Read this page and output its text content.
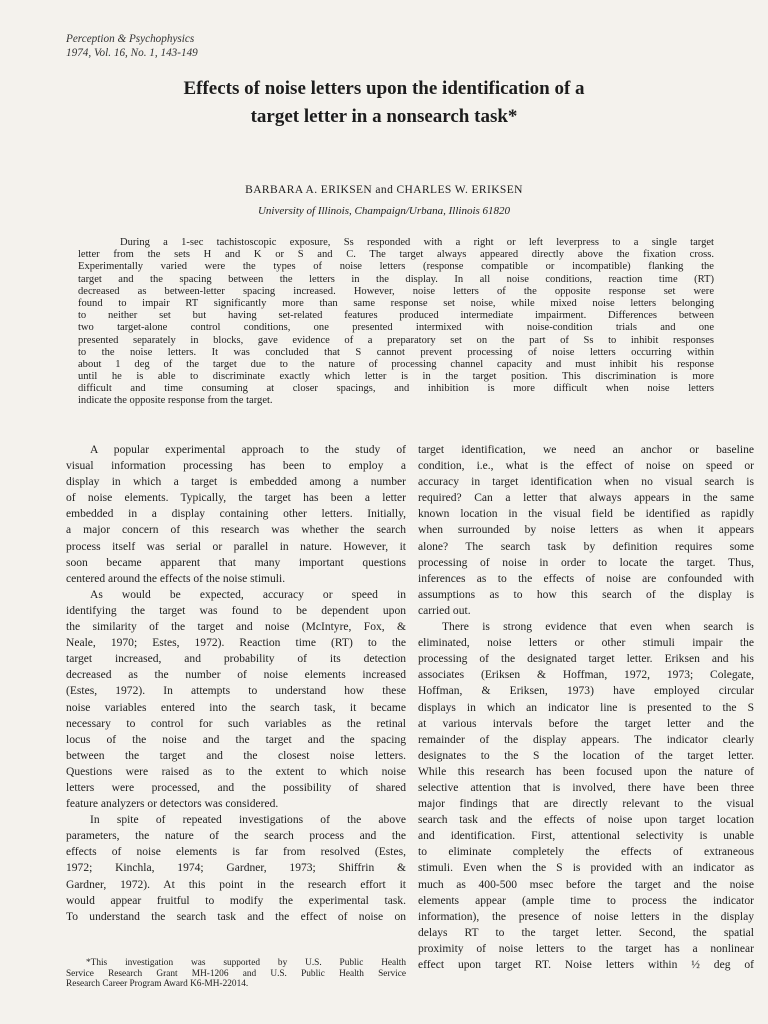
Perception & Psychophysics
1974, Vol. 16, No. 1, 143-149
Effects of noise letters upon the identification of a
target letter in a nonsearch task*
BARBARA A. ERIKSEN and CHARLES W. ERIKSEN
University of Illinois, Champaign/Urbana, Illinois 61820
During a 1-sec tachistoscopic exposure, Ss responded with a right or left leverpress to a single target
letter from the sets H and K or S and C. The target always appeared directly above the fixation cross.
Experimentally varied were the types of noise letters (response compatible or incompatible) flanking the
target and the spacing between the letters in the display. In all noise conditions, reaction time (RT)
decreased as between-letter spacing increased. However, noise letters of the opposite response set were
found to impair RT significantly more than same response set noise, while mixed noise letters belonging
to neither set but having set-related features produced intermediate impairment. Differences between
two target-alone control conditions, one presented intermixed with noise-condition trials and one
presented separately in blocks, gave evidence of a preparatory set on the part of Ss to inhibit responses
to the noise letters. It was concluded that S cannot prevent processing of noise letters occurring within
about 1 deg of the target due to the nature of processing channel capacity and must inhibit his response
until he is able to discriminate exactly which letter is in the target position. This discrimination is more
difficult and time consuming at closer spacings, and inhibition is more difficult when noise letters
indicate the opposite response from the target.
A popular experimental approach to the study of
visual information processing has been to employ a
display in which a target is embedded among a number
of noise elements. Typically, the target has been a letter
embedded in a display containing other letters. Initially,
a major concern of this research was whether the search
process itself was serial or parallel in nature. However, it
soon became apparent that many important questions
centered around the effects of the noise stimuli.
As would be expected, accuracy or speed in
identifying the target was found to be dependent upon
the similarity of the target and noise (McIntyre, Fox, &
Neale, 1970; Estes, 1972). Reaction time (RT) to the
target increased, and probability of its detection
decreased as the number of noise elements increased
(Estes, 1972). In attempts to understand how these
noise variables entered into the search task, it became
necessary to control for such variables as the retinal
locus of the noise and the target and the spacing
between the target and the closest noise letters.
Questions were raised as to the extent to which noise
letters were processed, and the possibility of shared
feature analyzers or detectors was considered.
In spite of repeated investigations of the above
parameters, the nature of the search process and the
effects of noise elements is far from resolved (Estes,
1972; Kinchla, 1974; Gardner, 1973; Shiffrin &
Gardner, 1972). At this point in the research effort it
would appear fruitful to modify the experimental task.
To understand the search task and the effect of noise on
*This investigation was supported by U.S. Public Health
Service Research Grant MH-1206 and U.S. Public Health Service
Research Career Program Award K6-MH-22014.
target identification, we need an anchor or baseline
condition, i.e., what is the effect of noise on speed or
accuracy in target identification when no visual search is
required? Can a letter that always appears in the same
known location in the visual field be identified as rapidly
when surrounded by noise letters as when it appears
alone? The search task by definition requires some
processing of noise in order to locate the target. Thus,
inferences as to the effects of noise are confounded with
assumptions as to how this search of the display is
carried out.
There is strong evidence that even when search is
eliminated, noise letters or other stimuli impair the
processing of the designated target letter. Eriksen and his
associates (Eriksen & Hoffman, 1972, 1973; Colegate,
Hoffman, & Eriksen, 1973) have employed circular
displays in which an indicator line is presented to the S
at various intervals before the target letter and the
remainder of the display appears. The indicator clearly
designates to the S the location of the target letter.
While this research has been focused upon the nature of
selective attention that is involved, there have been three
major findings that are directly relevant to the visual
search task and the effects of noise upon target location
and identification. First, attentional selectivity is unable
to eliminate completely the effects of extraneous
stimuli. Even when the S is provided with an indicator as
much as 400-500 msec before the target and the noise
elements appear (ample time to process the indicator
information), the presence of noise letters in the display
delays RT to the target letter. Second, the spatial
proximity of noise letters to the target has a nonlinear
effect upon target RT. Noise letters within ½ deg of
